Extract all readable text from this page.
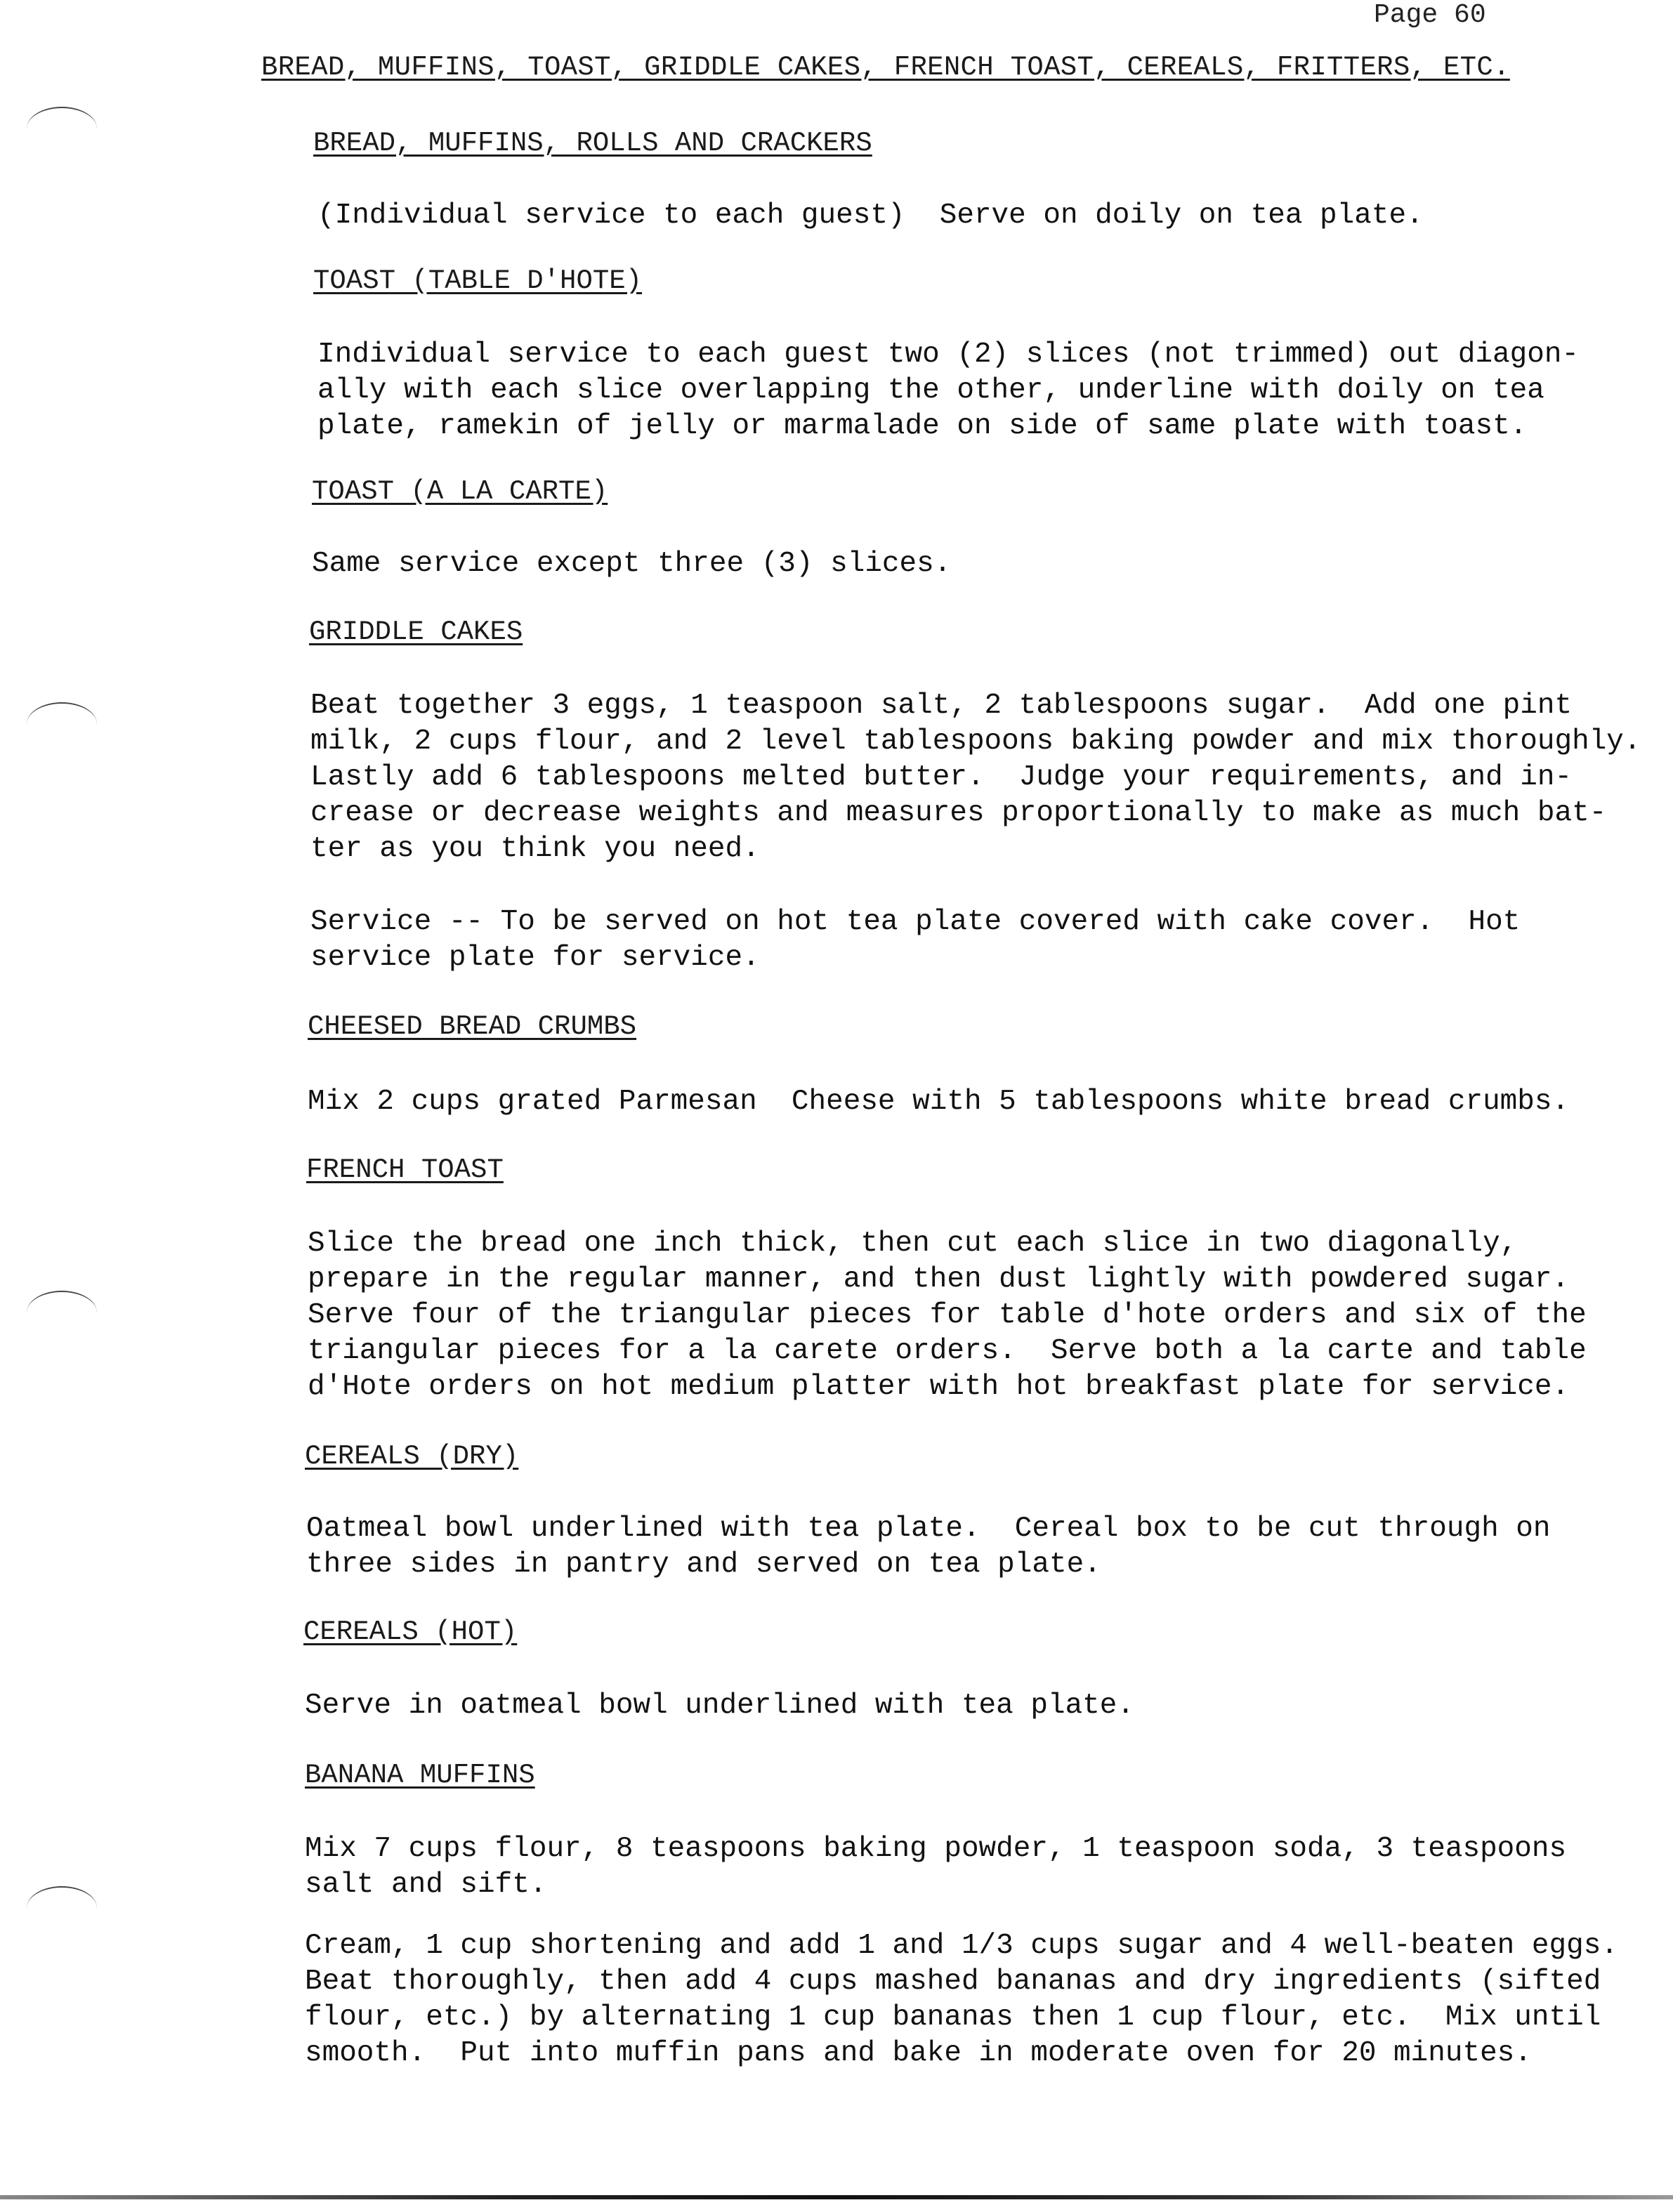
Page 60
BREAD, MUFFINS, TOAST, GRIDDLE CAKES, FRENCH TOAST, CEREALS, FRITTERS, ETC.
BREAD, MUFFINS, ROLLS AND CRACKERS
(Individual service to each guest)  Serve on doily on tea plate.
TOAST (TABLE D'HOTE)
Individual service to each guest two (2) slices (not trimmed) out diagon-
ally with each slice overlapping the other, underline with doily on tea
plate, ramekin of jelly or marmalade on side of same plate with toast.
TOAST (A LA CARTE)
Same service except three (3) slices.
GRIDDLE CAKES
Beat together 3 eggs, 1 teaspoon salt, 2 tablespoons sugar.  Add one pint
milk, 2 cups flour, and 2 level tablespoons baking powder and mix thoroughly.
Lastly add 6 tablespoons melted butter.  Judge your requirements, and in-
crease or decrease weights and measures proportionally to make as much bat-
ter as you think you need.
Service -- To be served on hot tea plate covered with cake cover.  Hot
service plate for service.
CHEESED BREAD CRUMBS
Mix 2 cups grated Parmesan  Cheese with 5 tablespoons white bread crumbs.
FRENCH TOAST
Slice the bread one inch thick, then cut each slice in two diagonally,
prepare in the regular manner, and then dust lightly with powdered sugar.
Serve four of the triangular pieces for table d'hote orders and six of the
triangular pieces for a la carete orders.  Serve both a la carte and table
d'Hote orders on hot medium platter with hot breakfast plate for service.
CEREALS (DRY)
Oatmeal bowl underlined with tea plate.  Cereal box to be cut through on
three sides in pantry and served on tea plate.
CEREALS (HOT)
Serve in oatmeal bowl underlined with tea plate.
BANANA MUFFINS
Mix 7 cups flour, 8 teaspoons baking powder, 1 teaspoon soda, 3 teaspoons
salt and sift.
Cream, 1 cup shortening and add 1 and 1/3 cups sugar and 4 well-beaten eggs.
Beat thoroughly, then add 4 cups mashed bananas and dry ingredients (sifted
flour, etc.) by alternating 1 cup bananas then 1 cup flour, etc.  Mix until
smooth.  Put into muffin pans and bake in moderate oven for 20 minutes.
